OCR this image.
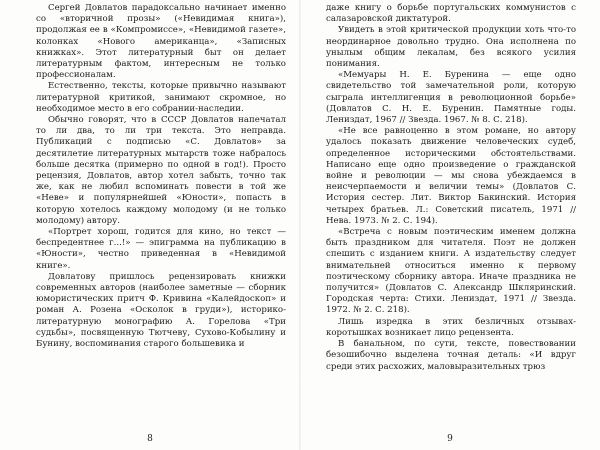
Сергей Довлатов парадоксально начинает именно со «вторичной прозы» («Невидимая книга»), продолжая ее в «Компромиссе», «Невидимой газете», колонках «Нового американца», «Записных книжках». Этот литературный быт он делает литературным фактом, интересным не только профессионалам.

Естественно, тексты, которые привычно называют литературной критикой, занимают скромное, но необходимое место в его собрании-наследии.

Обычно говорят, что в СССР Довлатов напечатал то ли два, то ли три текста. Это неправда. Публикаций с подписью «С. Довлатов» за десятилетие литературных мытарств тоже набралось больше десятка (примерно по одной в год!). Просто рецензия, Довлатов, автор хотел забыть, точно так же, как не любил вспоминать повести в той же «Неве» и популярнейшей «Юности», попасть в которую хотелось каждому молодому (и не только молодому) автору.

«Портрет хорош, годится для кино, но текст — беспредентнее г...!» — эпиграмма на публикацию в «Юности», честно приведенная в «Невидимой книге».

Довлатову пришлось рецензировать книжки современных авторов (наиболее заметные — сборник юмористических притч Ф. Кривина «Калейдоскоп» и роман А. Розена «Осколок в груди»), историко-литературную монографию А. Горелова «Три судьбы», посвященную Тютчеву, Сухово-Кобылину и Бунину, воспоминания старого большевика и

8

даже книгу о борьбе португальских коммунистов с салазаровской диктатурой.

Увидеть в этой критической продукции хоть что-то неординарное довольно трудно. Она исполнена по унылым общим лекалам, без всякого усилия понимания.

«Мемуары Н. Е. Буренина — еще одно свидетельство той замечательной роли, которую сыграла интеллигенция в революционной борьбе» (Довлатов С. Н. Е. Буренин. Памятные годы. Лениздат, 1967 // Звезда. 1967. № 8. С. 218).

«Не все равноценно в этом романе, но автору удалось показать движение человеческих судеб, определенное историческими обстоятельствами. Написано еще одно произведение о гражданской войне и революции — мы снова убеждаемся в неисчерпаемости и величии темы» (Довлатов С. История сестер. Лит. Виктор Бакинский. История четырех братьев. Л.: Советский писатель, 1971 // Нева. 1973. № 2. С. 194).

«Встреча с новым поэтическим именем должна быть праздником для читателя. Поэт не должен спешить с изданием книги. А издательству следует внимательней относиться именно к первому поэтическому сборнику автора. Иначе праздника не получится» (Довлатов С. Александр Шкляринский. Городская черта: Стихи. Лениздат, 1971 // Звезда. 1972. № 2. С. 218).

Лишь изредка в этих безличных отзывах-коротышках возникает лицо рецензента.

В банальном, по сути, тексте, повествовании безошибочно выделена точная деталь: «И вдруг среди этих расхожих, маловыразительных трюз

9
